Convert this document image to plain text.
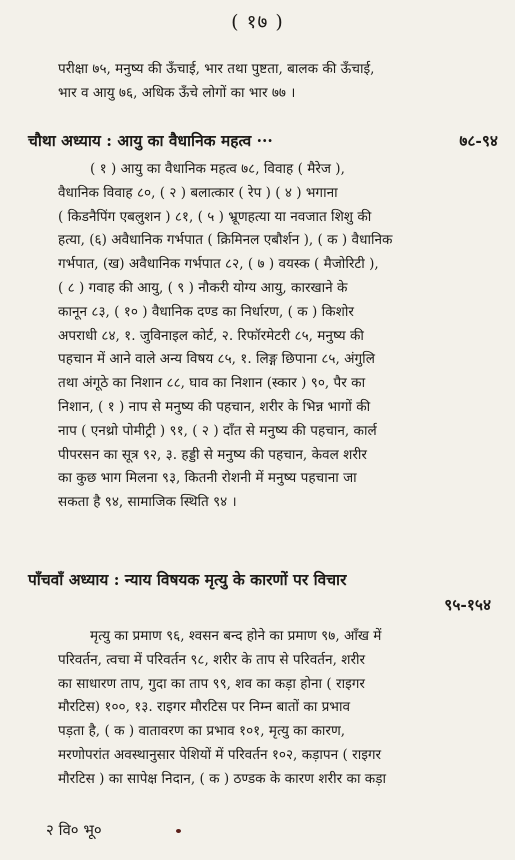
( १७ )
परीक्षा ७५, मनुष्य की ऊँचाई, भार तथा पुष्टता, बालक की ऊँचाई,
भार व आयु ७६, अधिक ऊँचे लोगों का भार ७७ ।
चौथा अध्याय : आयु का वैधानिक महत्व ···	७८-९४
( १ ) आयु का वैधानिक महत्व ७८, विवाह ( मैरेज ),
वैधानिक विवाह ८०, ( २ ) बलात्कार ( रेप ) ( ४ ) भगाना
( किडनैपिंग एबलुशन ) ८१, ( ५ ) भ्रूणहत्या या नवजात शिशु की
हत्या, (६) अवैधानिक गर्भपात ( क्रिमिनल एबौर्शन ), ( क ) वैधानिक
गर्भपात, (ख) अवैधानिक गर्भपात ८२, ( ७ ) वयस्क ( मैजोरिटी ),
( ८ ) गवाह की आयु, ( ९ ) नौकरी योग्य आयु, कारखाने के
कानून ८३, ( १० ) वैधानिक दण्ड का निर्धारण, ( क ) किशोर
अपराधी ८४, १. जुविनाइल कोर्ट, २. रिफॉरमेटरी ८५, मनुष्य की
पहचान में आने वाले अन्य विषय ८५, १. लिङ्ग छिपाना ८५, अंगुलि
तथा अंगूठे का निशान ८८, घाव का निशान (स्कार ) ९०, पैर का
निशान, ( १ ) नाप से मनुष्य की पहचान, शरीर के भिन्न भागों की
नाप ( एनथ्रो पोमीट्री ) ९१, ( २ ) दाँत से मनुष्य की पहचान, कार्ल
पीपरसन का सूत्र ९२, ३. हड्डी से मनुष्य की पहचान, केवल शरीर
का कुछ भाग मिलना ९३, कितनी रोशनी में मनुष्य पहचाना जा
सकता है ९४, सामाजिक स्थिति ९४ ।
पाँचवाँ अध्याय : न्याय विषयक मृत्यु के कारणों पर विचार
९५-१५४
मृत्यु का प्रमाण ९६, श्वसन बन्द होने का प्रमाण ९७, आँख में
परिवर्तन, त्वचा में परिवर्तन ९८, शरीर के ताप से परिवर्तन, शरीर
का साधारण ताप, गुदा का ताप ९९, शव का कड़ा होना ( राइगर
मौरटिस) १००, १३. राइगर मौरटिस पर निम्न बातों का प्रभाव
पड़ता है, ( क ) वातावरण का प्रभाव १०१, मृत्यु का कारण,
मरणोपरांत अवस्थानुसार पेशियों में परिवर्तन १०२, कड़ापन ( राइगर
मौरटिस ) का सापेक्ष निदान, ( क ) ठण्डक के कारण शरीर का कड़ा
२ वि० भू०
